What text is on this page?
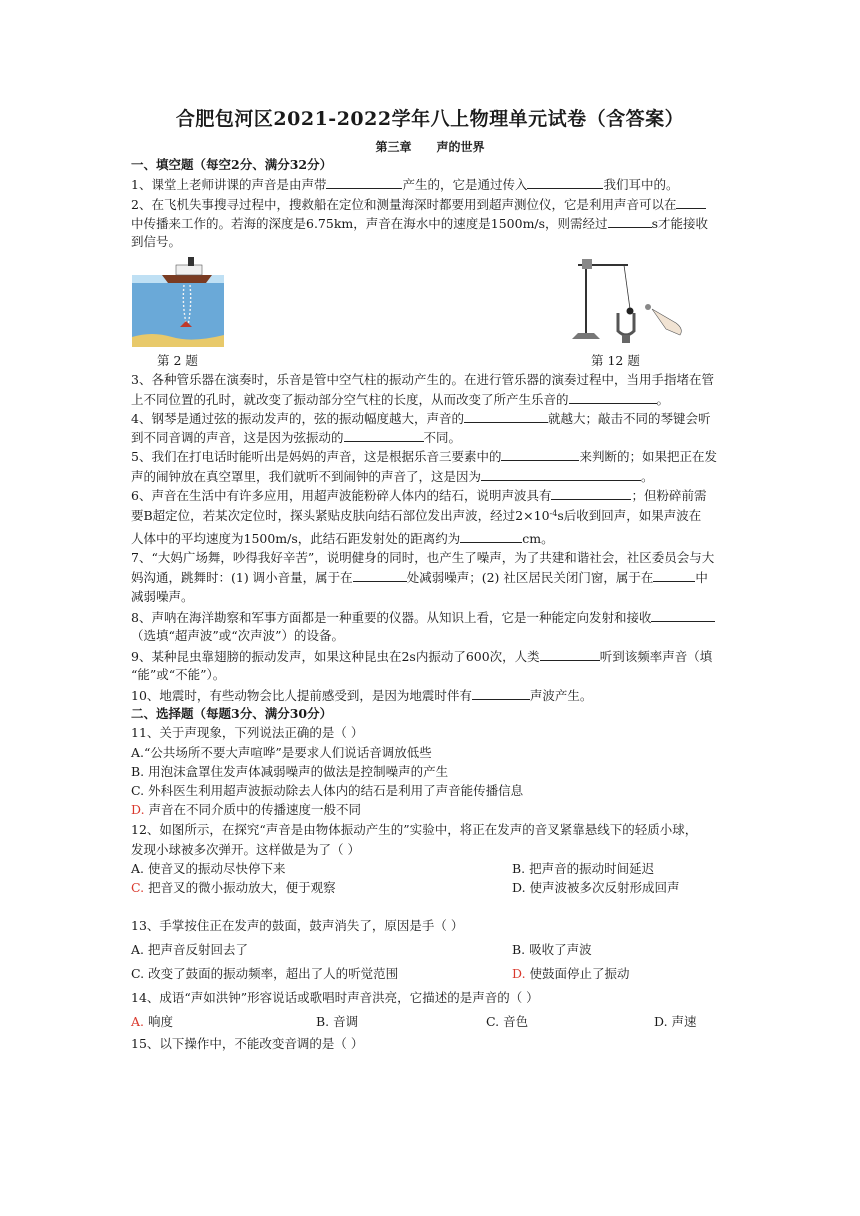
合肥包河区2021-2022学年八上物理单元试卷（含答案）
第三章      声的世界
一、填空题（每空2分、满分32分）
1、课堂上老师讲课的声音是由声带	产生的，它是通过传入	我们耳中的。
2、在飞机失事搜寻过程中，搜救船在定位和测量海深时都要用到超声测位仪，它是利用声音可以在
中传播来工作的。若海的深度是6.75km，声音在海水中的速度是1500m/s，则需经过	s才能接收
到信号。
第 2 题	第 12 题
3、各种管乐器在演奏时，乐音是管中空气柱的振动产生的。在进行管乐器的演奏过程中，当用手指堵在管
上不同位置的孔时，就改变了振动部分空气柱的长度，从而改变了所产生乐音的	。
4、钢琴是通过弦的振动发声的，弦的振动幅度越大，声音的	就越大；敲击不同的琴键会听
到不同音调的声音，这是因为弦振动的	不同。
5、我们在打电话时能听出是妈妈的声音，这是根据乐音三要素中的	来判断的；如果把正在发
声的闹钟放在真空罩里，我们就听不到闹钟的声音了，这是因为	。
6、声音在生活中有许多应用，用超声波能粉碎人体内的结石，说明声波具有	；但粉碎前需
要B超定位，若某次定位时，探头紧贴皮肤向结石部位发出声波，经过$2\times 10^{-4}s$后收到回声，如果声波在
人体中的平均速度为1500m/s，此结石距发射处的距离约为	cm。
7、“大妈广场舞，吵得我好辛苦”，说明健身的同时，也产生了噪声，为了共建和谐社会，社区委员会与大
妈沟通，跳舞时：(1) 调小音量，属于在	处减弱噪声；(2) 社区居民关闭门窗，属于在	中
减弱噪声。
8、声呐在海洋勘察和军事方面都是一种重要的仪器。从知识上看，它是一种能定向发射和接收
（选填“超声波”或“次声波”）的设备。
9、某种昆虫靠翅膀的振动发声，如果这种昆虫在2s内振动了600次，人类	听到该频率声音（填
“能”或“不能”）。
10、地震时，有些动物会比人提前感受到，是因为地震时伴有	声波产生。
二、选择题（每题3分、满分30分）
11、关于声现象，下列说法正确的是（ ）
A.“公共场所不要大声喧哗”是要求人们说话音调放低些
B. 用泡沫盒罩住发声体减弱噪声的做法是控制噪声的产生
C. 外科医生利用超声波振动除去人体内的结石是利用了声音能传播信息
D. 声音在不同介质中的传播速度一般不同
12、如图所示，在探究“声音是由物体振动产生的”实验中，将正在发声的音叉紧靠悬线下的轻质小球，
发现小球被多次弹开。这样做是为了（ ）
A. 使音叉的振动尽快停下来	B. 把声音的振动时间延迟
C. 把音叉的微小振动放大，便于观察	D. 使声波被多次反射形成回声
13、手掌按住正在发声的鼓面，鼓声消失了，原因是手（ ）
A. 把声音反射回去了	B. 吸收了声波
C. 改变了鼓面的振动频率，超出了人的听觉范围	D. 使鼓面停止了振动
14、成语“声如洪钟”形容说话或歌唱时声音洪亮，它描述的是声音的（ ）
A. 响度	B. 音调	C. 音色	D. 声速
15、以下操作中，不能改变音调的是（ ）
